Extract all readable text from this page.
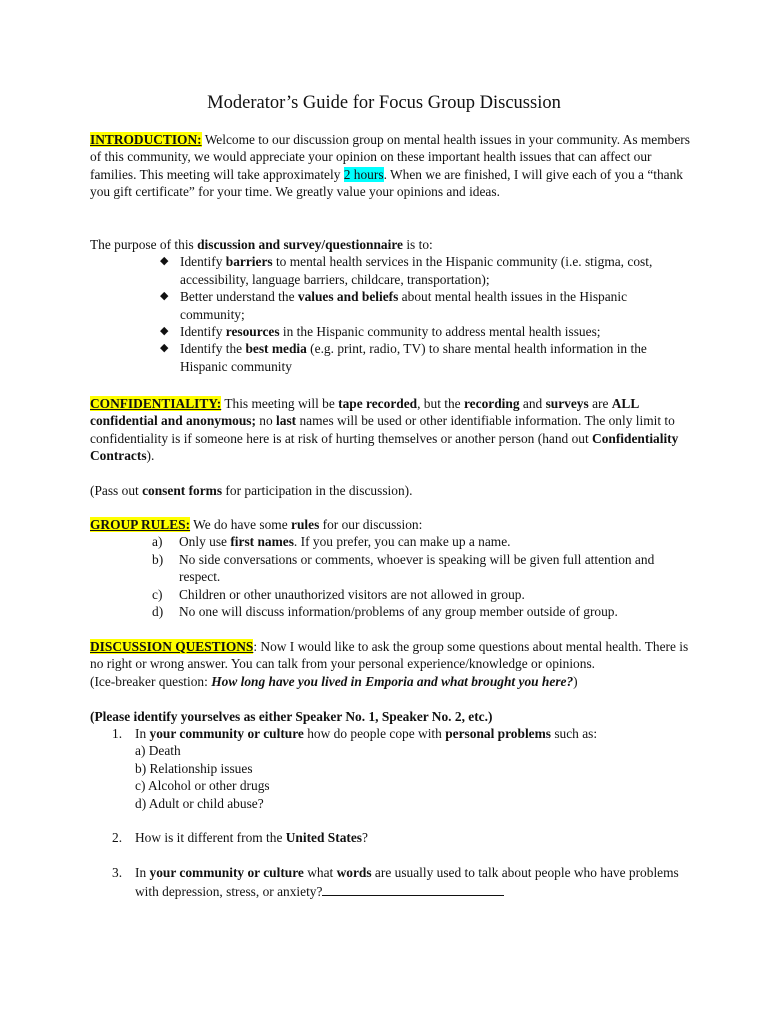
Moderator’s Guide for Focus Group Discussion

INTRODUCTION: Welcome to our discussion group on mental health issues in your community. As members of this community, we would appreciate your opinion on these important health issues that can affect our families. This meeting will take approximately 2 hours. When we are finished, I will give each of you a “thank you gift certificate” for your time. We greatly value your opinions and ideas.

The purpose of this discussion and survey/questionnaire is to:

◆ Identify barriers to mental health services in the Hispanic community (i.e. stigma, cost, accessibility, language barriers, childcare, transportation);
◆ Better understand the values and beliefs about mental health issues in the Hispanic community;
◆ Identify resources in the Hispanic community to address mental health issues;
◆ Identify the best media (e.g. print, radio, TV) to share mental health information in the Hispanic community

CONFIDENTIALITY: This meeting will be tape recorded, but the recording and surveys are ALL confidential and anonymous; no last names will be used or other identifiable information. The only limit to confidentiality is if someone here is at risk of hurting themselves or another person (hand out Confidentiality Contracts).

(Pass out consent forms for participation in the discussion).

GROUP RULES: We do have some rules for our discussion:

a) Only use first names. If you prefer, you can make up a name.
b) No side conversations or comments, whoever is speaking will be given full attention and respect.
c) Children or other unauthorized visitors are not allowed in group.
d) No one will discuss information/problems of any group member outside of group.

DISCUSSION QUESTIONS: Now I would like to ask the group some questions about mental health. There is no right or wrong answer. You can talk from your personal experience/knowledge or opinions.

(Ice-breaker question: How long have you lived in Emporia and what brought you here?)

(Please identify yourselves as either Speaker No. 1, Speaker No. 2, etc.)

1. In your community or culture how do people cope with personal problems such as:
a) Death
b) Relationship issues
c) Alcohol or other drugs
d) Adult or child abuse?
2. How is it different from the United States?
3. In your community or culture what words are usually used to talk about people who have problems with depression, stress, or anxiety?
